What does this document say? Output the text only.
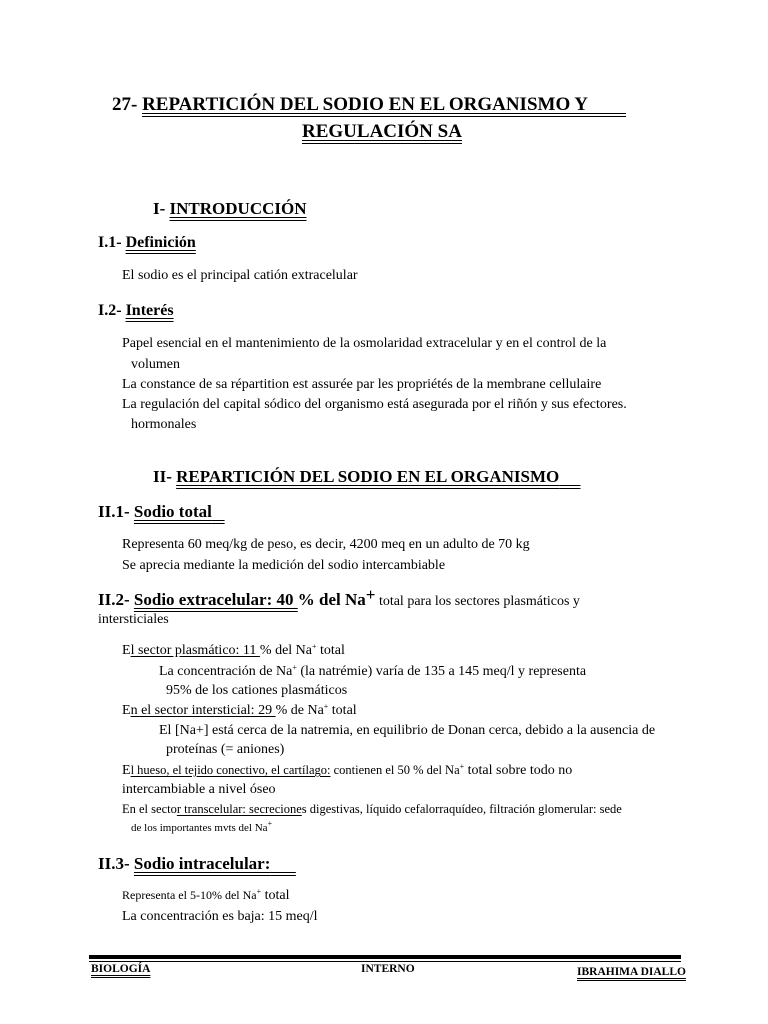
27- REPARTICIÓN DEL SODIO EN EL ORGANISMO Y
REGULACIÓN SA
I- INTRODUCCIÓN
I.1- Definición
El sodio es el principal catión extracelular
I.2- Interés
Papel esencial en el mantenimiento de la osmolaridad extracelular y en el control de la
volumen
La constance de sa répartition est assurée par les propriétés de la membrane cellulaire
La regulación del capital sódico del organismo está asegurada por el riñón y sus efectores.
hormonales
II- REPARTICIÓN DEL SODIO EN EL ORGANISMO
II.1- Sodio total
Representa 60 meq/kg de peso, es decir, 4200 meq en un adulto de 70 kg
Se aprecia mediante la medición del sodio intercambiable
II.2- Sodio extracelular: 40 % del Na+ total para los sectores plasmáticos y
intersticiales
El sector plasmático: 11 % del Na+ total
La concentración de Na+ (la natrémie) varía de 135 a 145 meq/l y representa
95% de los cationes plasmáticos
En el sector intersticial: 29 % de Na+ total
El [Na+] está cerca de la natremia, en equilibrio de Donan cerca, debido a la ausencia de
proteínas (= aniones)
El hueso, el tejido conectivo, el cartílago: contienen el 50 % del Na+ total sobre todo no
intercambiable a nivel óseo
En el sector transcelular: secreciones digestivas, líquido cefalorraquídeo, filtración glomerular: sede
de los importantes mvts del Na+
II.3- Sodio intracelular:
Representa el 5-10% del Na+ total
La concentración es baja: 15 meq/l
BIOLOGÍA	INTERNO	IBRAHIMA DIALLO
